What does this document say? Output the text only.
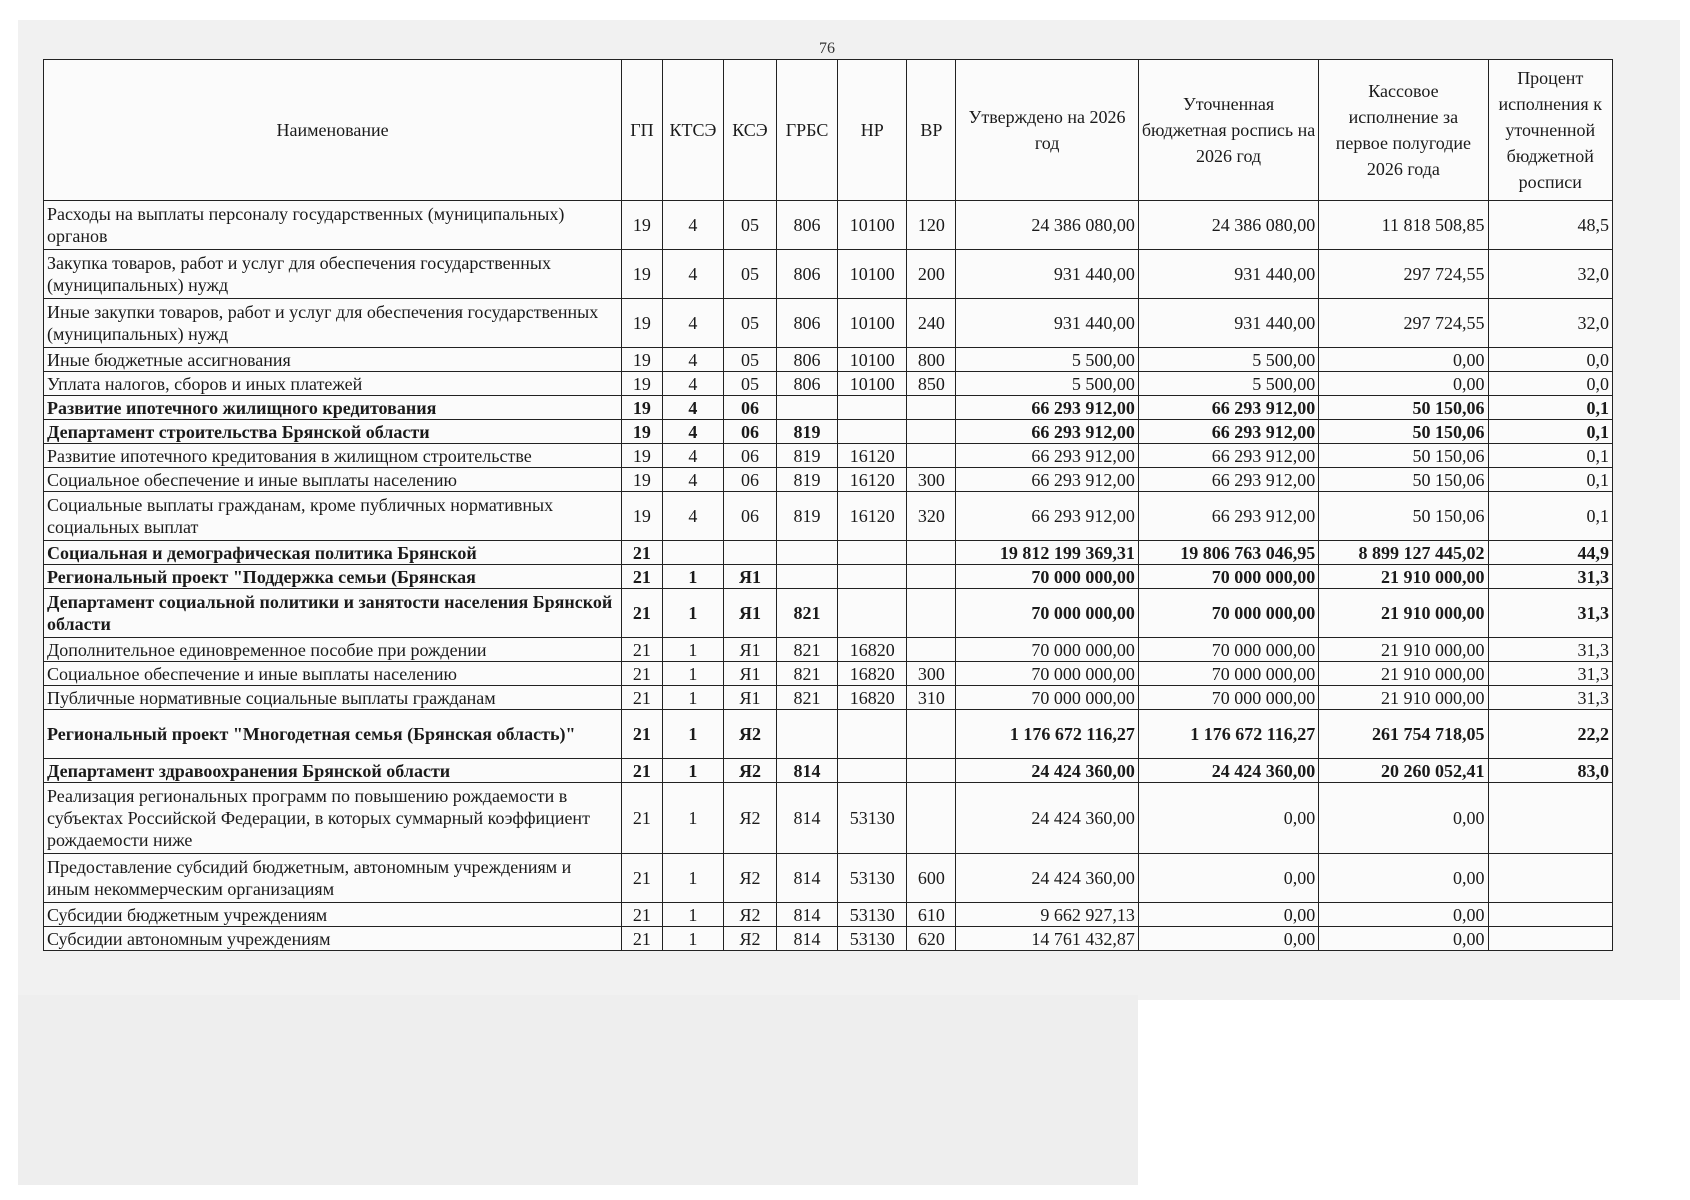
76
Наименование	ГП	КТСЭ	КСЭ	ГРБС	НР	ВР	Утверждено на 2026 год	Уточненная бюджетная роспись на 2026 год	Кассовое исполнение за первое полугодие 2026 года	Процент исполнения к уточненной бюджетной росписи
Расходы на выплаты персоналу государственных (муниципальных) органов	19	4	05	806	10100	120	24 386 080,00	24 386 080,00	11 818 508,85	48,5
Закупка товаров, работ и услуг для обеспечения государственных (муниципальных) нужд	19	4	05	806	10100	200	931 440,00	931 440,00	297 724,55	32,0
Иные закупки товаров, работ и услуг для обеспечения государственных (муниципальных) нужд	19	4	05	806	10100	240	931 440,00	931 440,00	297 724,55	32,0
Иные бюджетные ассигнования	19	4	05	806	10100	800	5 500,00	5 500,00	0,00	0,0
Уплата налогов, сборов и иных платежей	19	4	05	806	10100	850	5 500,00	5 500,00	0,00	0,0
Развитие ипотечного жилищного кредитования	19	4	06				66 293 912,00	66 293 912,00	50 150,06	0,1
Департамент строительства Брянской области	19	4	06	819			66 293 912,00	66 293 912,00	50 150,06	0,1
Развитие ипотечного кредитования в жилищном строительстве	19	4	06	819	16120		66 293 912,00	66 293 912,00	50 150,06	0,1
Социальное обеспечение и иные выплаты населению	19	4	06	819	16120	300	66 293 912,00	66 293 912,00	50 150,06	0,1
Социальные выплаты гражданам, кроме публичных нормативных социальных выплат	19	4	06	819	16120	320	66 293 912,00	66 293 912,00	50 150,06	0,1
Социальная и демографическая политика Брянской	21						19 812 199 369,31	19 806 763 046,95	8 899 127 445,02	44,9
Региональный проект "Поддержка семьи (Брянская	21	1	Я1				70 000 000,00	70 000 000,00	21 910 000,00	31,3
Департамент социальной политики и занятости населения Брянской области	21	1	Я1	821			70 000 000,00	70 000 000,00	21 910 000,00	31,3
Дополнительное единовременное пособие при рождении	21	1	Я1	821	16820		70 000 000,00	70 000 000,00	21 910 000,00	31,3
Социальное обеспечение и иные выплаты населению	21	1	Я1	821	16820	300	70 000 000,00	70 000 000,00	21 910 000,00	31,3
Публичные нормативные социальные выплаты гражданам	21	1	Я1	821	16820	310	70 000 000,00	70 000 000,00	21 910 000,00	31,3
Региональный проект "Многодетная семья (Брянская область)"	21	1	Я2				1 176 672 116,27	1 176 672 116,27	261 754 718,05	22,2
Департамент здравоохранения Брянской области	21	1	Я2	814			24 424 360,00	24 424 360,00	20 260 052,41	83,0
Реализация региональных программ по повышению рождаемости в субъектах Российской Федерации, в которых суммарный коэффициент рождаемости ниже	21	1	Я2	814	53130		24 424 360,00	0,00	0,00	
Предоставление субсидий бюджетным, автономным учреждениям и иным некоммерческим организациям	21	1	Я2	814	53130	600	24 424 360,00	0,00	0,00	
Субсидии бюджетным учреждениям	21	1	Я2	814	53130	610	9 662 927,13	0,00	0,00	
Субсидии автономным учреждениям	21	1	Я2	814	53130	620	14 761 432,87	0,00	0,00	
